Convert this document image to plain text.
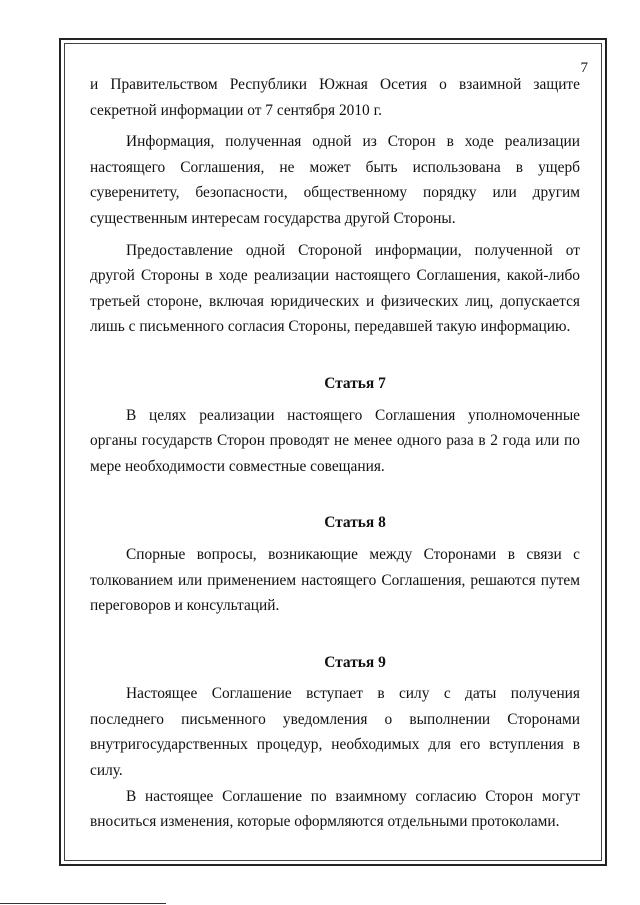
7

и Правительством Республики Южная Осетия о взаимной защите секретной информации от 7 сентября 2010 г.

Информация, полученная одной из Сторон в ходе реализации настоящего Соглашения, не может быть использована в ущерб суверенитету, безопасности, общественному порядку или другим существенным интересам государства другой Стороны.

Предоставление одной Стороной информации, полученной от другой Стороны в ходе реализации настоящего Соглашения, какой-либо третьей стороне, включая юридических и физических лиц, допускается лишь с письменного согласия Стороны, передавшей такую информацию.

Статья 7

В целях реализации настоящего Соглашения уполномоченные органы государств Сторон проводят не менее одного раза в 2 года или по мере необходимости совместные совещания.

Статья 8

Спорные вопросы, возникающие между Сторонами в связи с толкованием или применением настоящего Соглашения, решаются путем переговоров и консультаций.

Статья 9

Настоящее Соглашение вступает в силу с даты получения последнего письменного уведомления о выполнении Сторонами внутригосударственных процедур, необходимых для его вступления в силу.

В настоящее Соглашение по взаимному согласию Сторон могут вноситься изменения, которые оформляются отдельными протоколами.
